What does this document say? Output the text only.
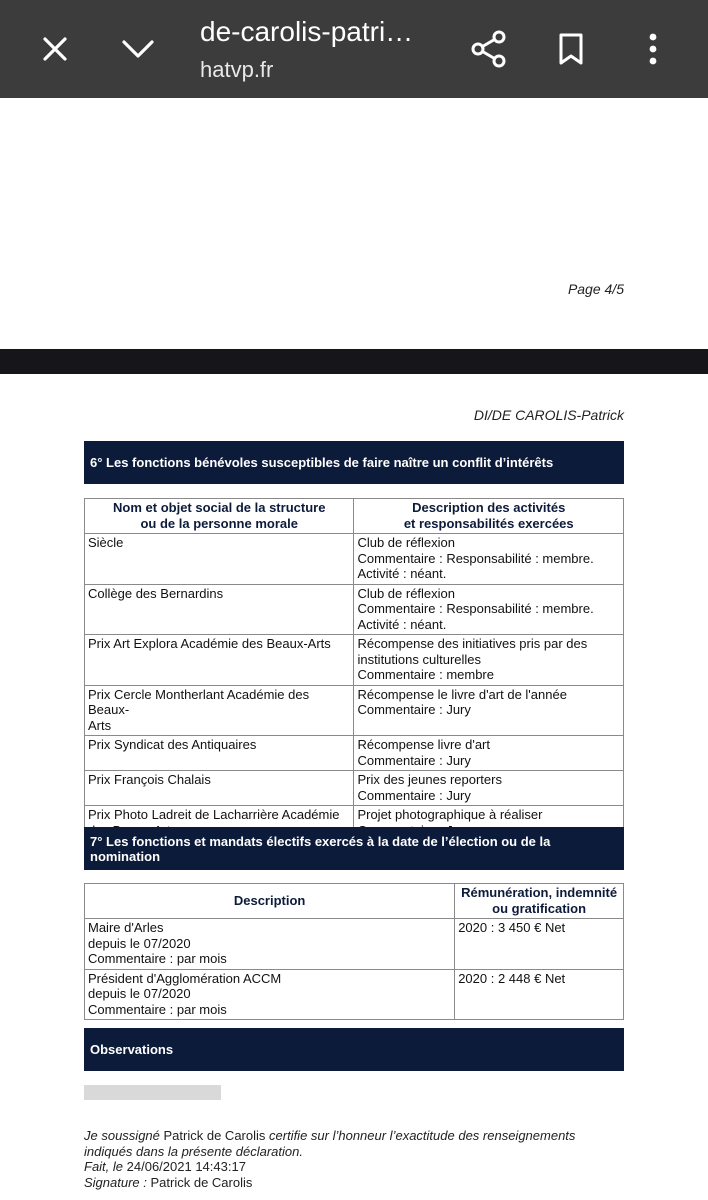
de-carolis-patri…
hatvp.fr
Page 4/5
DI/DE CAROLIS-Patrick
6° Les fonctions bénévoles susceptibles de faire naître un conflit d’intérêts
Nom et objet social de la structure
ou de la personne morale	Description des activités
et responsabilités exercées

Siècle	Club de réflexion
Commentaire : Responsabilité : membre.
Activité : néant.

Collège des Bernardins	Club de réflexion
Commentaire : Responsabilité : membre.
Activité : néant.

Prix Art Explora Académie des Beaux-Arts	Récompense des initiatives pris par des
institutions culturelles
Commentaire : membre

Prix Cercle Montherlant Académie des Beaux-
Arts	Récompense le livre d'art de l'année
Commentaire : Jury

Prix Syndicat des Antiquaires	Récompense livre d'art
Commentaire : Jury

Prix François Chalais	Prix des jeunes reporters
Commentaire : Jury

Prix Photo Ladreit de Lacharrière Académie	Projet photographique à réaliser
7° Les fonctions et mandats électifs exercés à la date de l’élection ou de la nomination
Description	Rémunération, indemnité
ou gratification

Maire d'Arles
depuis le 07/2020
Commentaire : par mois	2020 : 3 450 € Net

Président d'Agglomération ACCM
depuis le 07/2020
Commentaire : par mois	2020 : 2 448 € Net
Observations
Je soussigné Patrick de Carolis certifie sur l’honneur l’exactitude des renseignements indiqués dans la présente déclaration.
Fait, le 24/06/2021 14:43:17
Signature : Patrick de Carolis
